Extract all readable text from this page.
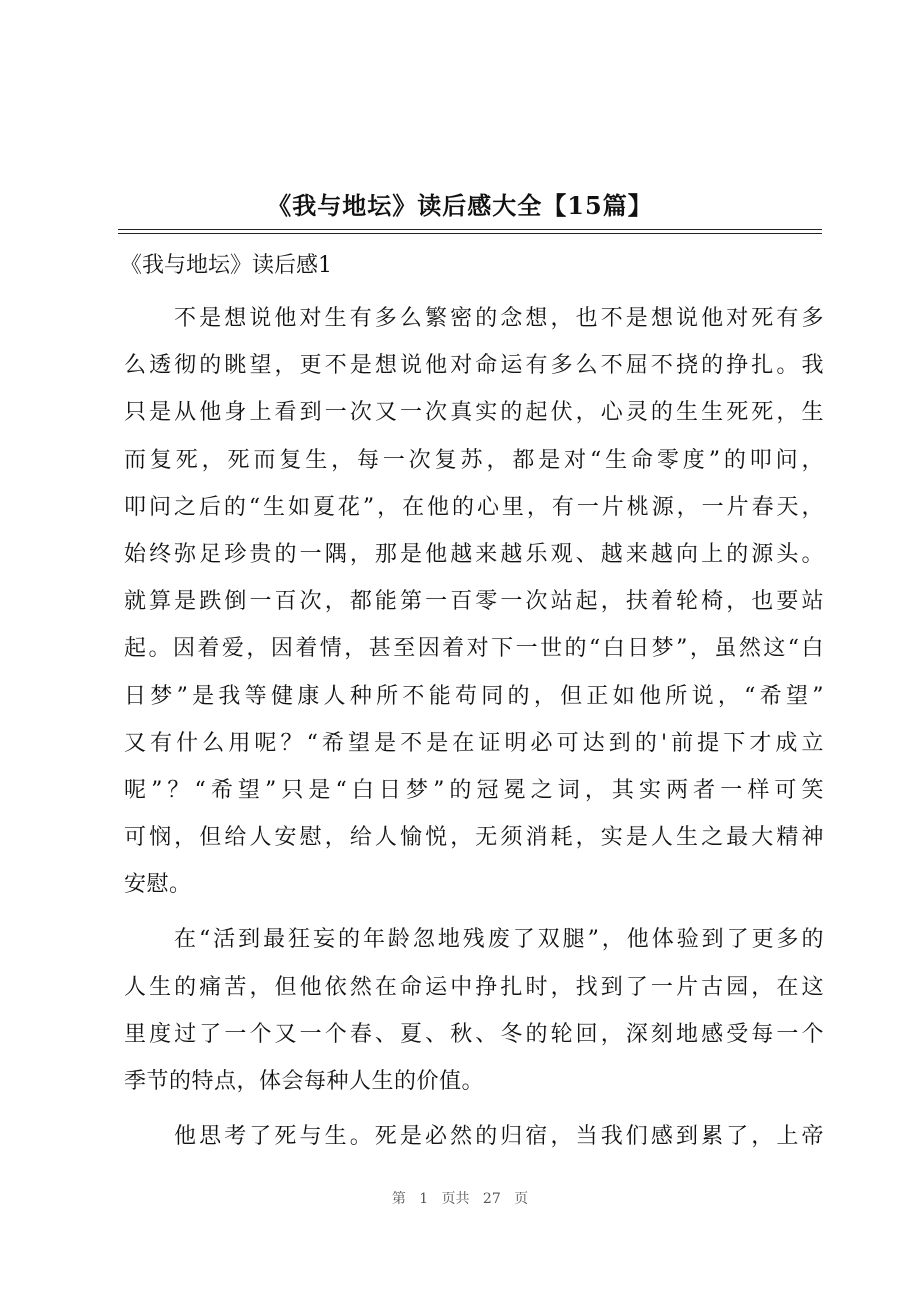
《我与地坛》读后感大全【15篇】
《我与地坛》读后感1
不是想说他对生有多么繁密的念想，也不是想说他对死有多
么透彻的眺望，更不是想说他对命运有多么不屈不挠的挣扎。我
只是从他身上看到一次又一次真实的起伏，心灵的生生死死，生
而复死，死而复生，每一次复苏，都是对“生命零度”的叩问，
叩问之后的“生如夏花”，在他的心里，有一片桃源，一片春天，
始终弥足珍贵的一隅，那是他越来越乐观、越来越向上的源头。
就算是跌倒一百次，都能第一百零一次站起，扶着轮椅，也要站
起。因着爱，因着情，甚至因着对下一世的“白日梦”，虽然这“白
日梦”是我等健康人种所不能苟同的，但正如他所说，“希望”
又有什么用呢？“希望是不是在证明必可达到的'前提下才成立
呢”？“希望”只是“白日梦”的冠冕之词，其实两者一样可笑
可悯，但给人安慰，给人愉悦，无须消耗，实是人生之最大精神
安慰。
在“活到最狂妄的年龄忽地残废了双腿”，他体验到了更多的
人生的痛苦，但他依然在命运中挣扎时，找到了一片古园，在这
里度过了一个又一个春、夏、秋、冬的轮回，深刻地感受每一个
季节的特点，体会每种人生的价值。
他思考了死与生。死是必然的归宿，当我们感到累了，上帝
第 1 页共 27 页
